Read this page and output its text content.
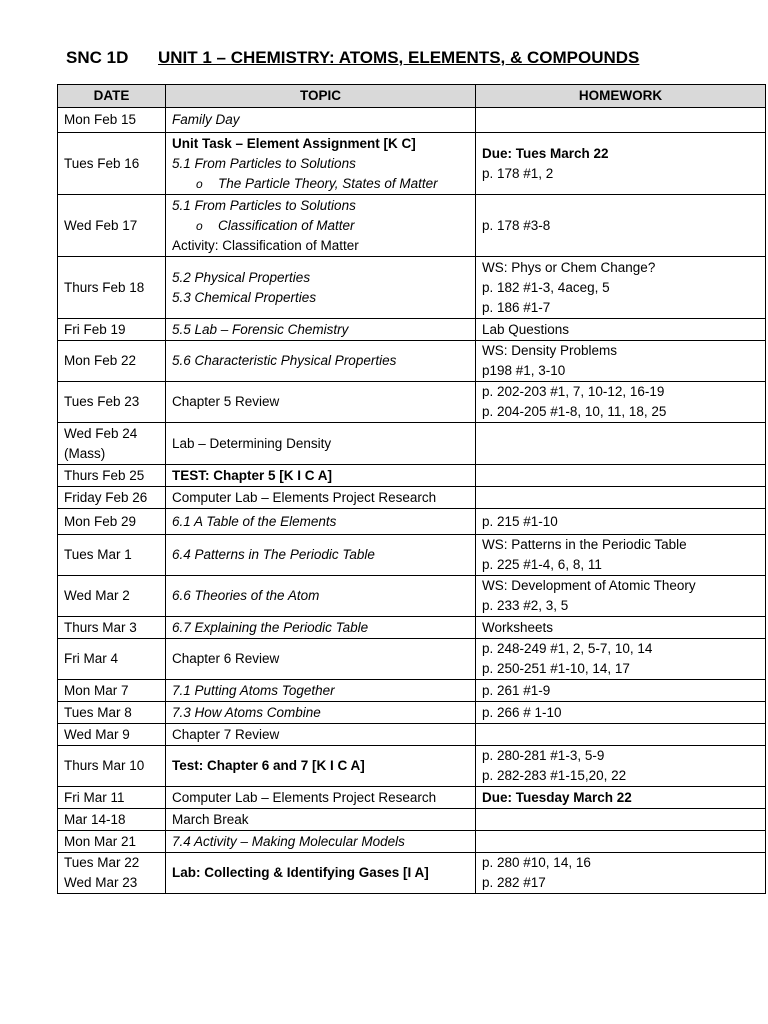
SNC 1D UNIT 1 – CHEMISTRY: ATOMS, ELEMENTS, & COMPOUNDS
DATE	TOPIC	HOMEWORK

Mon Feb 15	Family Day	

Tues Feb 16	Unit Task – Element Assignment [K C]
5.1 From Particles to Solutions
o The Particle Theory, States of Matter	Due: Tues March 22
p. 178 #1, 2

Wed Feb 17	5.1 From Particles to Solutions
o Classification of Matter
Activity: Classification of Matter	p. 178 #3-8

Thurs Feb 18	5.2 Physical Properties
5.3 Chemical Properties	WS: Phys or Chem Change?
p. 182 #1-3, 4aceg, 5
p. 186 #1-7

Fri Feb 19	5.5 Lab – Forensic Chemistry	Lab Questions

Mon Feb 22	5.6 Characteristic Physical Properties	WS: Density Problems
p198 #1, 3-10

Tues Feb 23	Chapter 5 Review	p. 202-203 #1, 7, 10-12, 16-19
p. 204-205 #1-8, 10, 11, 18, 25

Wed Feb 24
(Mass)	Lab – Determining Density	

Thurs Feb 25	TEST: Chapter 5 [K I C A]	

Friday Feb 26	Computer Lab – Elements Project Research	

Mon Feb 29	6.1 A Table of the Elements	p. 215 #1-10

Tues Mar 1	6.4 Patterns in The Periodic Table	WS: Patterns in the Periodic Table
p. 225 #1-4, 6, 8, 11

Wed Mar 2	6.6 Theories of the Atom	WS: Development of Atomic Theory
p. 233 #2, 3, 5

Thurs Mar 3	6.7 Explaining the Periodic Table	Worksheets

Fri Mar 4	Chapter 6 Review	p. 248-249 #1, 2, 5-7, 10, 14
p. 250-251 #1-10, 14, 17

Mon Mar 7	7.1 Putting Atoms Together	p. 261 #1-9

Tues Mar 8	7.3 How Atoms Combine	p. 266 # 1-10

Wed Mar 9	Chapter 7 Review	

Thurs Mar 10	Test: Chapter 6 and 7 [K I C A]	p. 280-281 #1-3, 5-9
p. 282-283 #1-15,20, 22

Fri Mar 11	Computer Lab – Elements Project Research	Due: Tuesday March 22

Mar 14-18	March Break	

Mon Mar 21	7.4 Activity – Making Molecular Models	

Tues Mar 22
Wed Mar 23	Lab: Collecting & Identifying Gases [I A]	p. 280 #10, 14, 16
p. 282 #17
